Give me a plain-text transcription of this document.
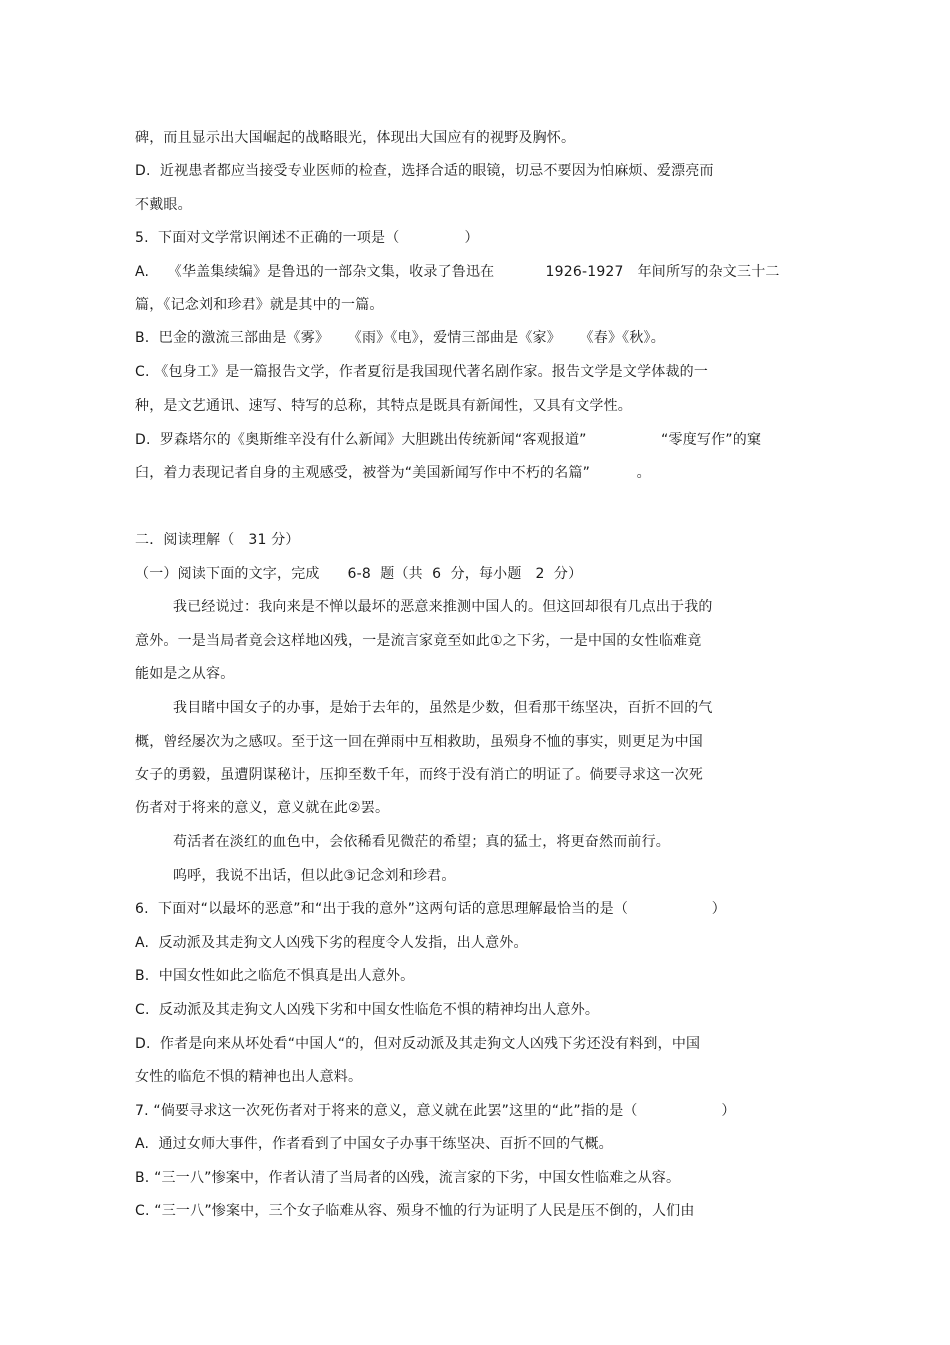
碑，而且显示出大国崛起的战略眼光，体现出大国应有的视野及胸怀。
D.  近视患者都应当接受专业医师的检查，选择合适的眼镜，切忌不要因为怕麻烦、爱漂亮而
不戴眼。
5.  下面对文学常识阐述不正确的一项是（              ）
A.    《华盖集续编》是鲁迅的一部杂文集，收录了鲁迅在           1926-1927   年间所写的杂文三十二
篇，《记念刘和珍君》就是其中的一篇。
B.  巴金的激流三部曲是《雾》    《雨》《电》，爱情三部曲是《家》    《春》《秋》。
C. 《包身工》是一篇报告文学，作者夏衍是我国现代著名剧作家。报告文学是文学体裁的一
种，是文艺通讯、速写、特写的总称，其特点是既具有新闻性，又具有文学性。
D.  罗森塔尔的《奥斯维辛没有什么新闻》大胆跳出传统新闻“客观报道”                “零度写作”的窠
臼，着力表现记者自身的主观感受，被誉为“美国新闻写作中不朽的名篇”          。
二．阅读理解（   31 分）
（一）阅读下面的文字，完成      6-8  题（共  6  分，每小题   2  分）
我已经说过：我向来是不惮以最坏的恶意来推测中国人的。但这回却很有几点出于我的
意外。一是当局者竟会这样地凶残，一是流言家竟至如此①之下劣，一是中国的女性临难竟
能如是之从容。
我目睹中国女子的办事，是始于去年的，虽然是少数，但看那干练坚决，百折不回的气
概，曾经屡次为之感叹。至于这一回在弹雨中互相救助，虽殒身不恤的事实，则更足为中国
女子的勇毅，虽遭阴谋秘计，压抑至数千年，而终于没有消亡的明证了。倘要寻求这一次死
伤者对于将来的意义，意义就在此②罢。
苟活者在淡红的血色中，会依稀看见微茫的希望；真的猛士，将更奋然而前行。
呜呼，我说不出话，但以此③记念刘和珍君。
6.  下面对“以最坏的恶意”和“出于我的意外”这两句话的意思理解最恰当的是（                  ）
A.  反动派及其走狗文人凶残下劣的程度令人发指，出人意外。
B.  中国女性如此之临危不惧真是出人意外。
C.  反动派及其走狗文人凶残下劣和中国女性临危不惧的精神均出人意外。
D.  作者是向来从坏处看“中国人“的，但对反动派及其走狗文人凶残下劣还没有料到，中国
女性的临危不惧的精神也出人意料。
7. “倘要寻求这一次死伤者对于将来的意义，意义就在此罢”这里的“此”指的是（                  ）
A.  通过女师大事件，作者看到了中国女子办事干练坚决、百折不回的气概。
B. “三一八”惨案中，作者认清了当局者的凶残，流言家的下劣，中国女性临难之从容。
C. “三一八”惨案中，三个女子临难从容、殒身不恤的行为证明了人民是压不倒的，人们由
